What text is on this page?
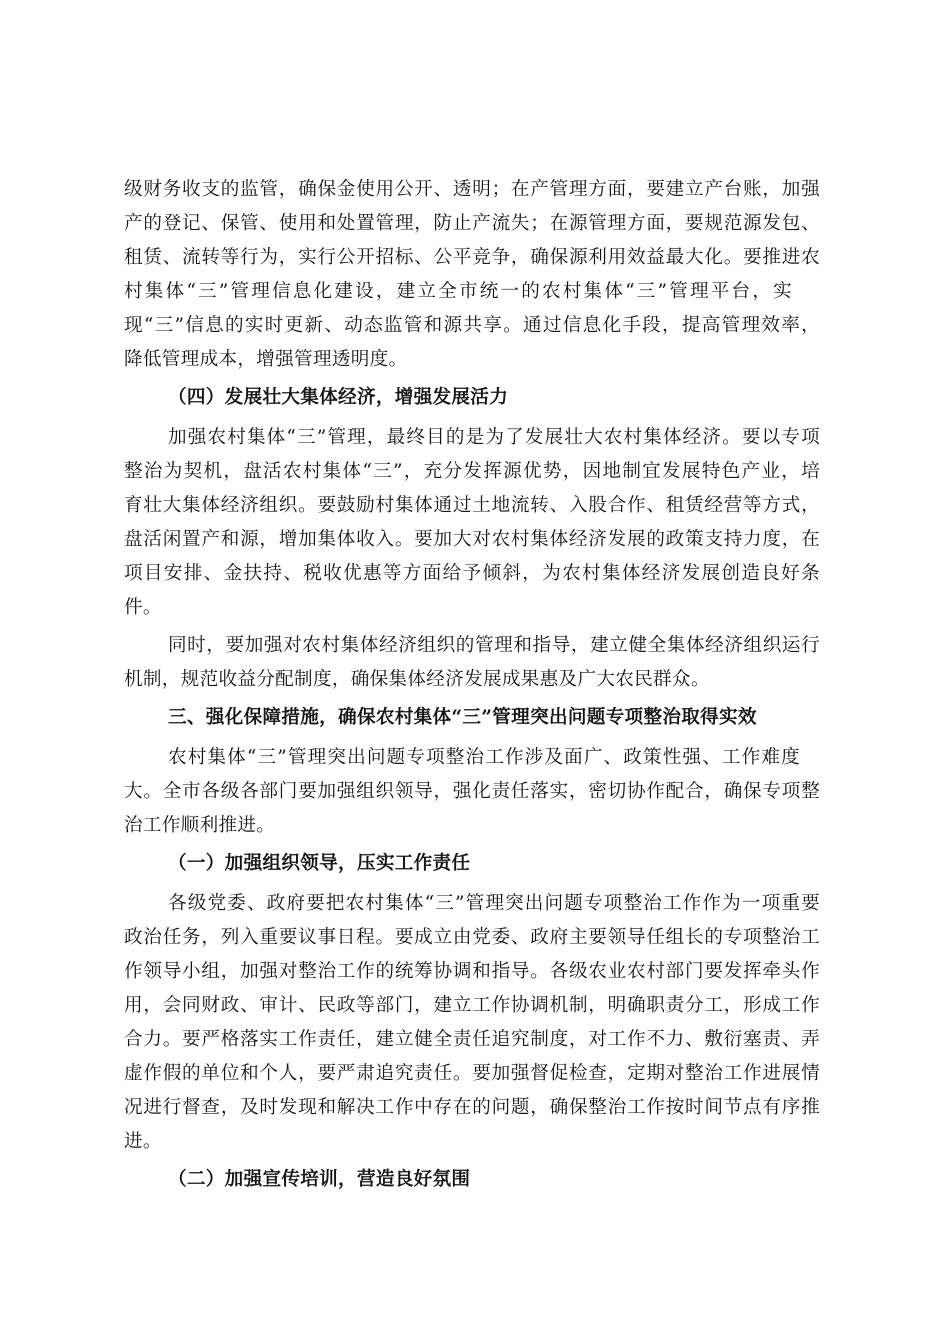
级财务收支的监管，确保金使用公开、透明；在产管理方面，要建立产台账，加强
产的登记、保管、使用和处置管理，防止产流失；在源管理方面，要规范源发包、
租赁、流转等行为，实行公开招标、公平竞争，确保源利用效益最大化。要推进农
村集体“三”管理信息化建设，建立全市统一的农村集体“三”管理平台，实
现“三”信息的实时更新、动态监管和源共享。通过信息化手段，提高管理效率，
降低管理成本，增强管理透明度。
（四）发展壮大集体经济，增强发展活力
加强农村集体“三”管理，最终目的是为了发展壮大农村集体经济。要以专项
整治为契机，盘活农村集体“三”，充分发挥源优势，因地制宜发展特色产业，培
育壮大集体经济组织。要鼓励村集体通过土地流转、入股合作、租赁经营等方式，
盘活闲置产和源，增加集体收入。要加大对农村集体经济发展的政策支持力度，在
项目安排、金扶持、税收优惠等方面给予倾斜，为农村集体经济发展创造良好条
件。
同时，要加强对农村集体经济组织的管理和指导，建立健全集体经济组织运行
机制，规范收益分配制度，确保集体经济发展成果惠及广大农民群众。
三、强化保障措施，确保农村集体“三”管理突出问题专项整治取得实效
农村集体“三”管理突出问题专项整治工作涉及面广、政策性强、工作难度
大。全市各级各部门要加强组织领导，强化责任落实，密切协作配合，确保专项整
治工作顺利推进。
（一）加强组织领导，压实工作责任
各级党委、政府要把农村集体“三”管理突出问题专项整治工作作为一项重要
政治任务，列入重要议事日程。要成立由党委、政府主要领导任组长的专项整治工
作领导小组，加强对整治工作的统筹协调和指导。各级农业农村部门要发挥牵头作
用，会同财政、审计、民政等部门，建立工作协调机制，明确职责分工，形成工作
合力。要严格落实工作责任，建立健全责任追究制度，对工作不力、敷衍塞责、弄
虚作假的单位和个人，要严肃追究责任。要加强督促检查，定期对整治工作进展情
况进行督查，及时发现和解决工作中存在的问题，确保整治工作按时间节点有序推
进。
（二）加强宣传培训，营造良好氛围
